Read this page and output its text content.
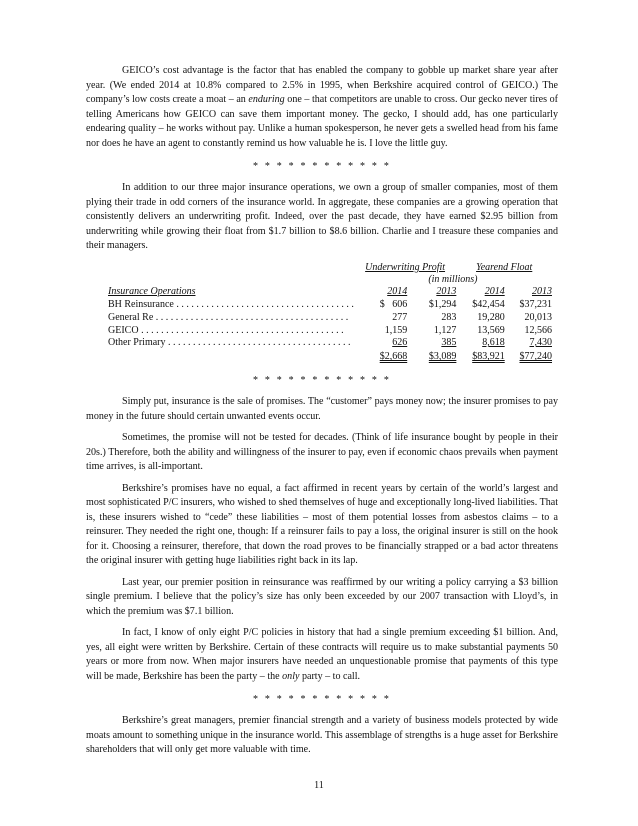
GEICO’s cost advantage is the factor that has enabled the company to gobble up market share year after year. (We ended 2014 at 10.8% compared to 2.5% in 1995, when Berkshire acquired control of GEICO.) The company’s low costs create a moat – an enduring one – that competitors are unable to cross. Our gecko never tires of telling Americans how GEICO can save them important money. The gecko, I should add, has one particularly endearing quality – he works without pay. Unlike a human spokesperson, he never gets a swelled head from his fame nor does he have an agent to constantly remind us how valuable he is. I love the little guy.

* * * * * * * * * * * *

In addition to our three major insurance operations, we own a group of smaller companies, most of them plying their trade in odd corners of the insurance world. In aggregate, these companies are a growing operation that consistently delivers an underwriting profit. Indeed, over the past decade, they have earned $2.95 billion from underwriting while growing their float from $1.7 billion to $8.6 billion. Charlie and I treasure these companies and their managers.

	Underwriting Profit		Yearend Float	
	(in millions)			
Insurance Operations	2014	2013	2014	2013
BH Reinsurance . . . . . . . . . . . . . . . . . . . . . . . . . . . . . . . . . . . .	$   606	$1,294	$42,454	$37,231
General Re . . . . . . . . . . . . . . . . . . . . . . . . . . . . . . . . . . . . . . .	277	283	19,280	20,013
GEICO . . . . . . . . . . . . . . . . . . . . . . . . . . . . . . . . . . . . . . . . .	1,159	1,127	13,569	12,566
Other Primary . . . . . . . . . . . . . . . . . . . . . . . . . . . . . . . . . . . . .	626	385	8,618	7,430
	$2,668	$3,089	$83,921	$77,240
* * * * * * * * * * * *

Simply put, insurance is the sale of promises. The “customer” pays money now; the insurer promises to pay money in the future should certain unwanted events occur.

Sometimes, the promise will not be tested for decades. (Think of life insurance bought by people in their 20s.) Therefore, both the ability and willingness of the insurer to pay, even if economic chaos prevails when payment time arrives, is all-important.

Berkshire’s promises have no equal, a fact affirmed in recent years by certain of the world’s largest and most sophisticated P/C insurers, who wished to shed themselves of huge and exceptionally long-lived liabilities. That is, these insurers wished to “cede” these liabilities – most of them potential losses from asbestos claims – to a reinsurer. They needed the right one, though: If a reinsurer fails to pay a loss, the original insurer is still on the hook for it. Choosing a reinsurer, therefore, that down the road proves to be financially strapped or a bad actor threatens the original insurer with getting huge liabilities right back in its lap.

Last year, our premier position in reinsurance was reaffirmed by our writing a policy carrying a $3 billion single premium. I believe that the policy’s size has only been exceeded by our 2007 transaction with Lloyd’s, in which the premium was $7.1 billion.

In fact, I know of only eight P/C policies in history that had a single premium exceeding $1 billion. And, yes, all eight were written by Berkshire. Certain of these contracts will require us to make substantial payments 50 years or more from now. When major insurers have needed an unquestionable promise that payments of this type will be made, Berkshire has been the party – the only party – to call.

* * * * * * * * * * * *

Berkshire’s great managers, premier financial strength and a variety of business models protected by wide moats amount to something unique in the insurance world. This assemblage of strengths is a huge asset for Berkshire shareholders that will only get more valuable with time.

11
